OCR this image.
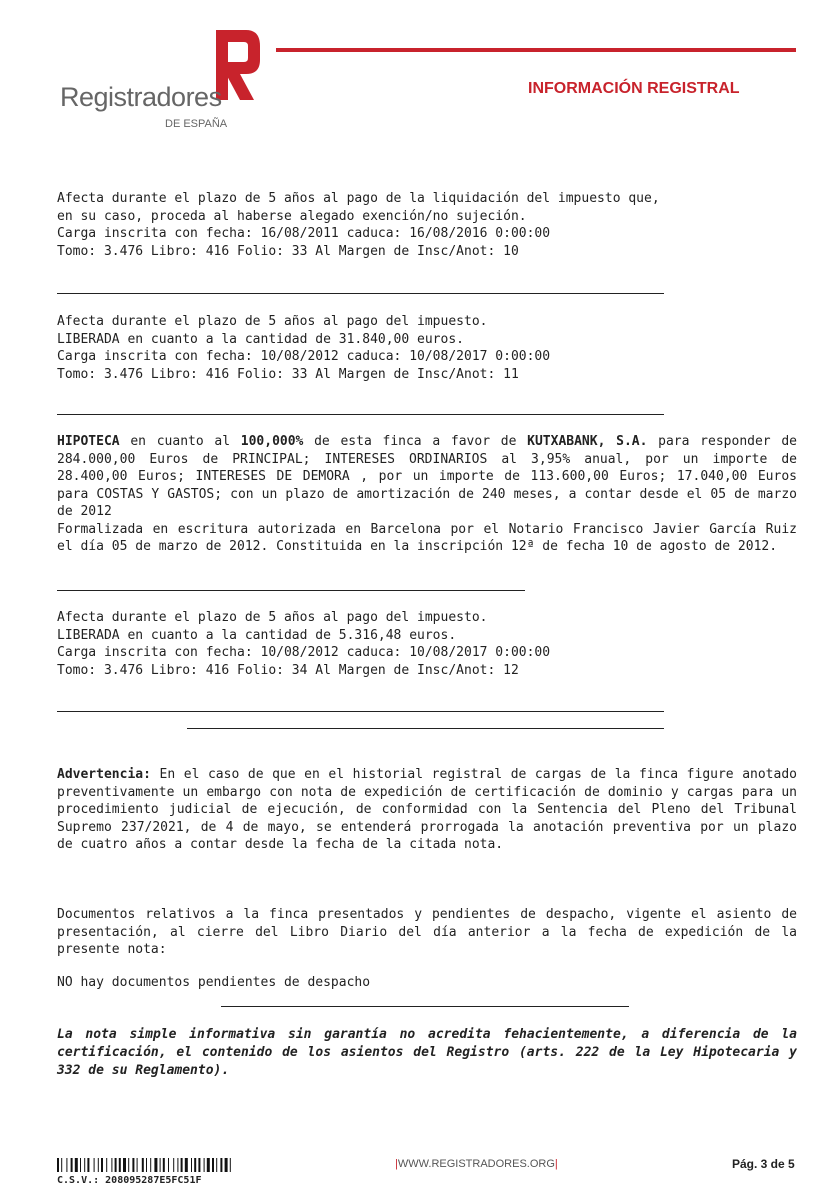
Registradores
DE ESPAÑA
INFORMACIÓN REGISTRAL

Afecta durante el plazo de 5 años al pago de la liquidación del impuesto que,

en su caso, proceda al haberse alegado exención/no sujeción.

Carga inscrita con fecha: 16/08/2011 caduca: 16/08/2016 0:00:00

Tomo: 3.476 Libro: 416 Folio: 33 Al Margen de Insc/Anot: 10

Afecta durante el plazo de 5 años al pago del impuesto.

LIBERADA en cuanto a la cantidad de 31.840,00 euros.

Carga inscrita con fecha: 10/08/2012 caduca: 10/08/2017 0:00:00

Tomo: 3.476 Libro: 416 Folio: 33 Al Margen de Insc/Anot: 11

HIPOTECA en cuanto al 100,000% de esta finca a favor de KUTXABANK, S.A. para responder de 284.000,00 Euros de PRINCIPAL; INTERESES ORDINARIOS al 3,95% anual, por un importe de 28.400,00 Euros; INTERESES DE DEMORA , por un importe de 113.600,00 Euros; 17.040,00 Euros para COSTAS Y GASTOS; con un plazo de amortización de 240 meses, a contar desde el 05 de marzo de 2012

Formalizada en escritura autorizada en Barcelona por el Notario Francisco Javier García Ruiz el día 05 de marzo de 2012. Constituida en la inscripción 12ª de fecha 10 de agosto de 2012.

Afecta durante el plazo de 5 años al pago del impuesto.

LIBERADA en cuanto a la cantidad de 5.316,48 euros.

Carga inscrita con fecha: 10/08/2012 caduca: 10/08/2017 0:00:00

Tomo: 3.476 Libro: 416 Folio: 34 Al Margen de Insc/Anot: 12

Advertencia: En el caso de que en el historial registral de cargas de la finca figure anotado preventivamente un embargo con nota de expedición de certificación de dominio y cargas para un procedimiento judicial de ejecución, de conformidad con la Sentencia del Pleno del Tribunal Supremo 237/2021, de 4 de mayo, se entenderá prorrogada la anotación preventiva por un plazo de cuatro años a contar desde la fecha de la citada nota.

Documentos relativos a la finca presentados y pendientes de despacho, vigente el asiento de presentación, al cierre del Libro Diario del día anterior a la fecha de expedición de la presente nota:

NO hay documentos pendientes de despacho

La nota simple informativa sin garantía no acredita fehacientemente, a diferencia de la certificación, el contenido de los asientos del Registro (arts. 222 de la Ley Hipotecaria y 332 de su Reglamento).
C.S.V.: 208095287E5FC51F
|WWW.REGISTRADORES.ORG|	Pág. 3 de 5
